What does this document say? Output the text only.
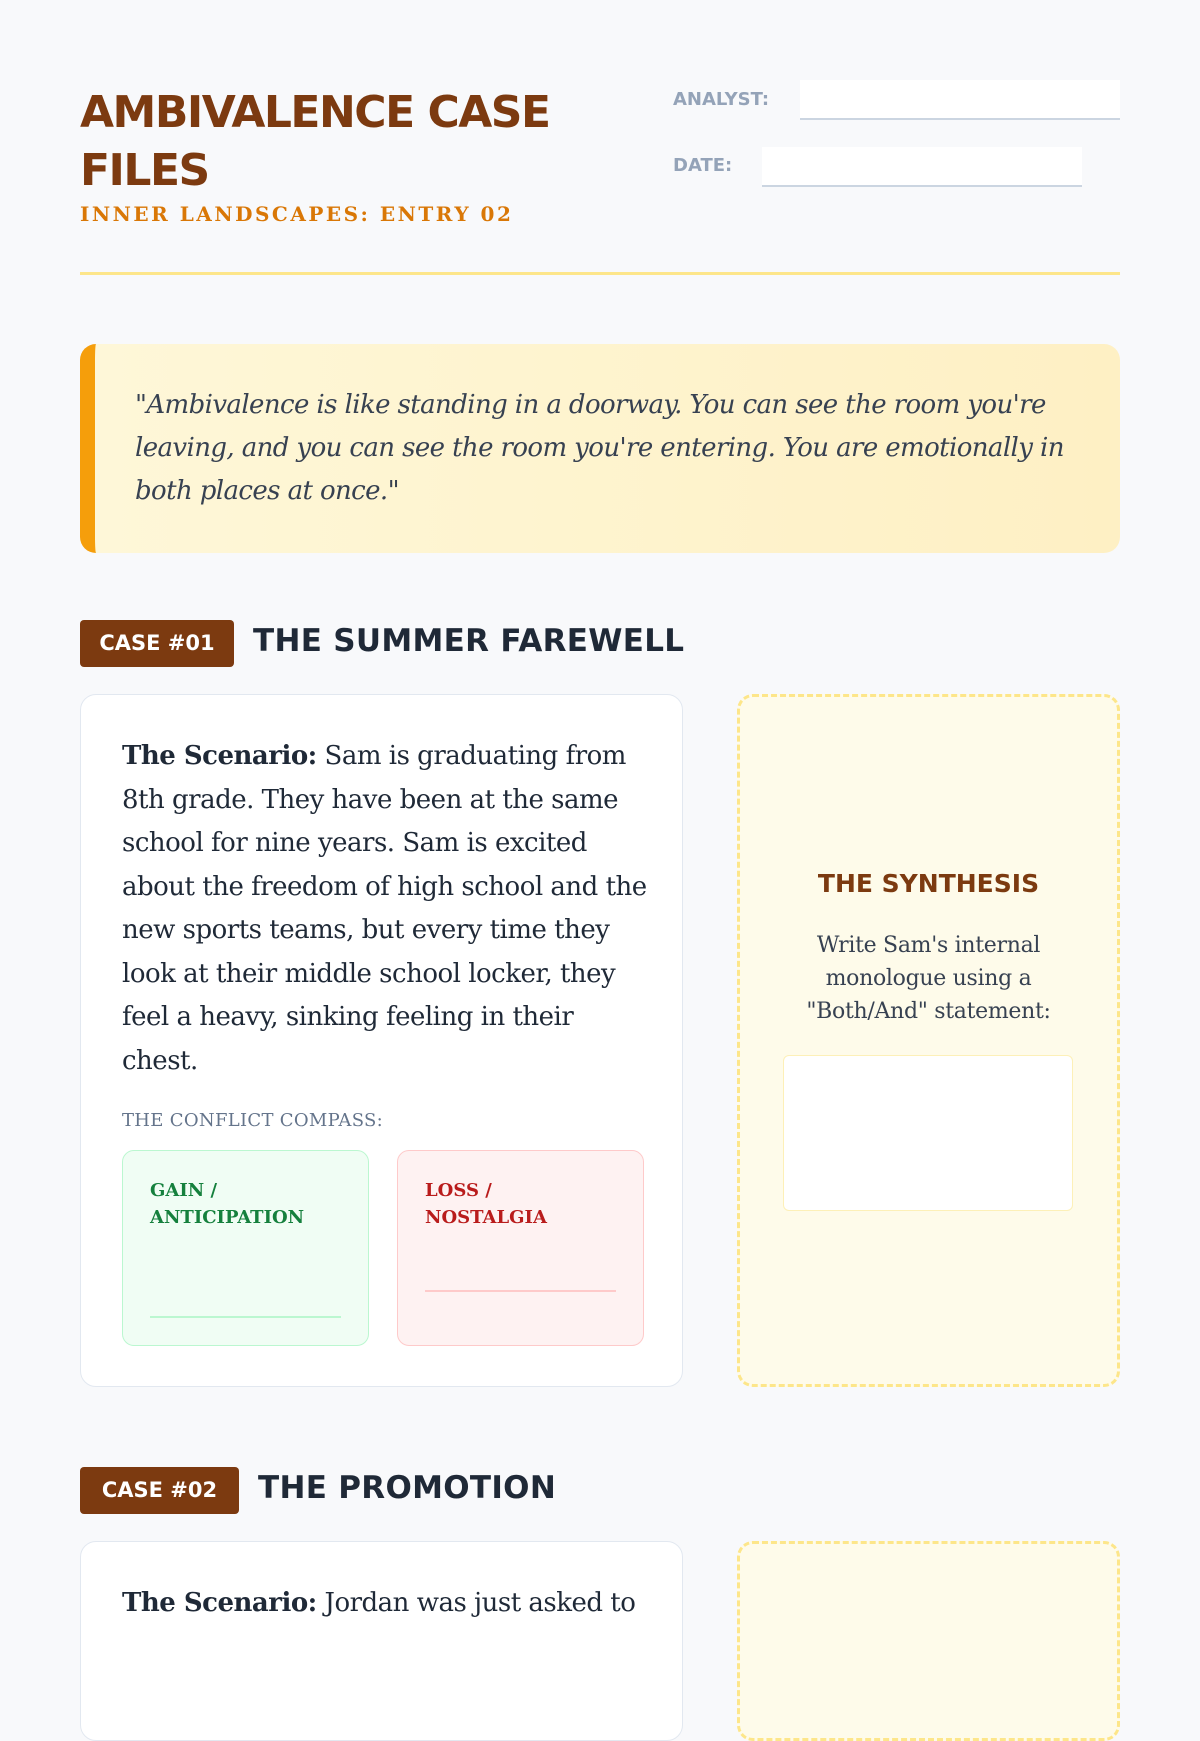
AMBIVALENCE CASE FILES
INNER LANDSCAPES: ENTRY 02
ANALYST:
DATE:
"Ambivalence is like standing in a doorway. You can see the room you're leaving, and you can see the room you're entering. You are emotionally in both places at once."
CASE #01	THE SUMMER FAREWELL
The Scenario: Sam is graduating from 8th grade. They have been at the same school for nine years. Sam is excited about the freedom of high school and the new sports teams, but every time they look at their middle school locker, they feel a heavy, sinking feeling in their chest.
THE CONFLICT COMPASS:
GAIN / ANTICIPATION
LOSS / NOSTALGIA
THE SYNTHESIS
Write Sam's internal monologue using a "Both/And" statement:
CASE #02	THE PROMOTION
The Scenario: Jordan was just asked to
